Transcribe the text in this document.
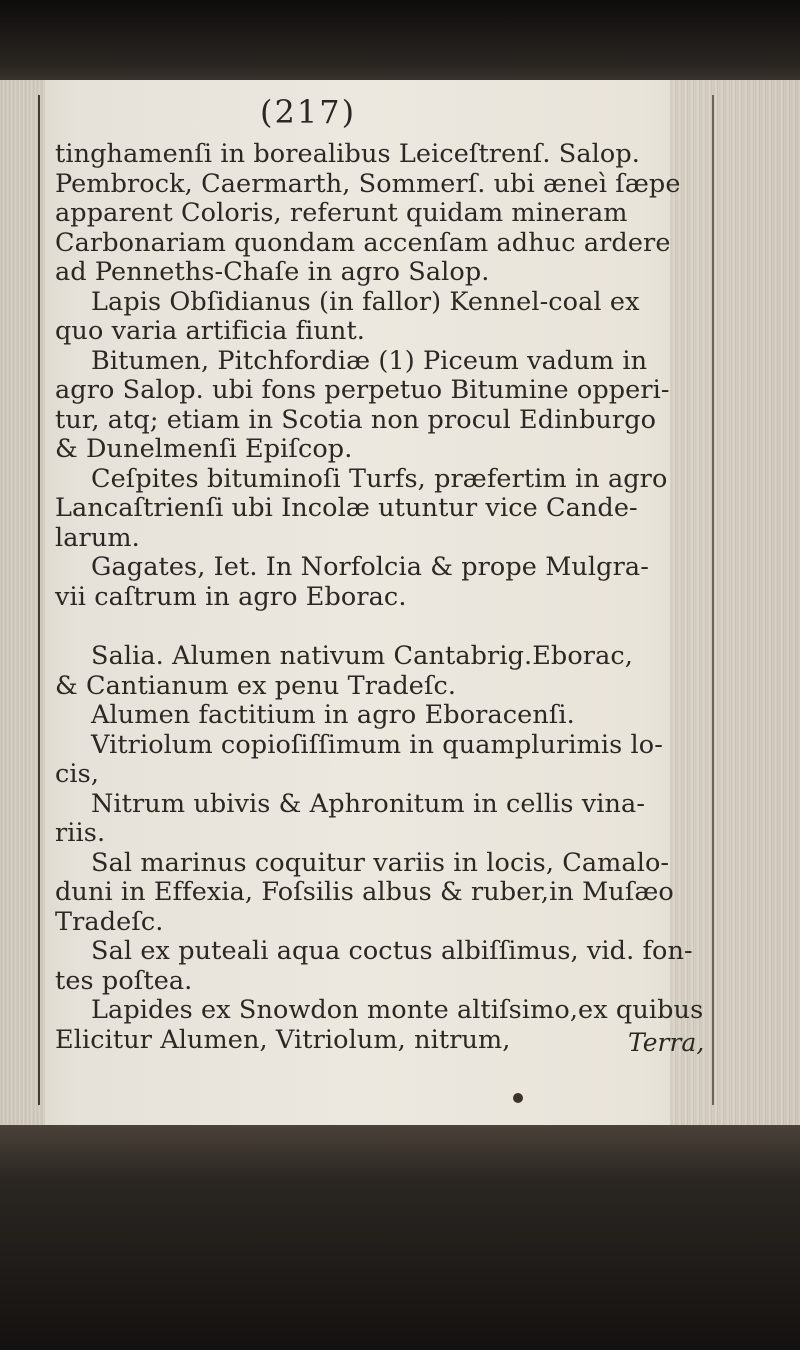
(217)
tinghamenſi in borealibus Leiceſtrenſ. Salop.
Pembrock, Caermarth, Sommerſ. ubi æneì ſæpe
apparent Coloris, referunt quidam mineram
Carbonariam quondam accenſam adhuc ardere
ad Penneths-Chaſe in agro Salop.
Lapis Obſidianus (in fallor) Kennel-coal ex
quo varia artificia fiunt.
Bitumen, Pitchfordiæ (1) Piceum vadum in
agro Salop. ubi fons perpetuo Bitumine opperi-
tur, atq; etiam in Scotia non procul Edinburgo
& Dunelmenſi Epiſcop.
Ceſpites bituminoſi Turfs, præfertim in agro
Lancaſtrienſi ubi Incolæ utuntur vice Cande-
larum.
Gagates, Iet. In Norfolcia & prope Mulgra-
vii caſtrum in agro Eborac.
Salia. Alumen nativum Cantabrig.Eborac,
& Cantianum ex penu Tradeſc.
Alumen factitium in agro Eboracenſi.
Vitriolum copioſiſſimum in quamplurimis lo-
cis,
Nitrum ubivis & Aphronitum in cellis vina-
riis.
Sal marinus coquitur variis in locis, Camalo-
duni in Effexia, Foſsilis albus & ruber,in Muſæo
Tradeſc.
Sal ex puteali aqua coctus albiſſimus, vid. fon-
tes poſtea.
Lapides ex Snowdon monte altiſsimo,ex quibus
Elicitur Alumen, Vitriolum, nitrum,	Terra,
